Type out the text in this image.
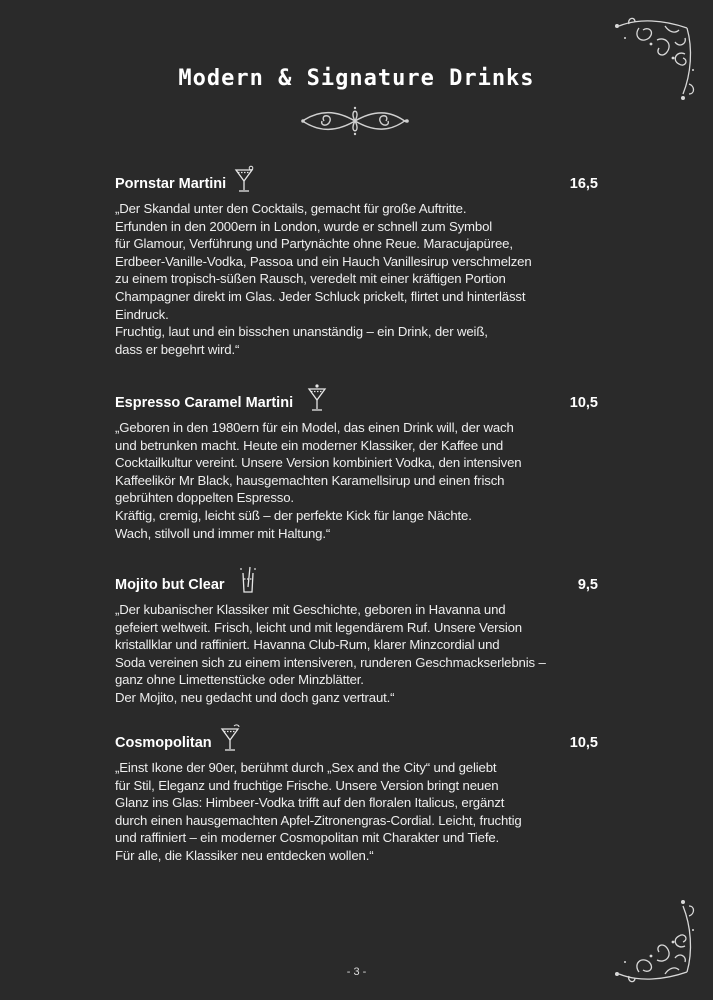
Modern & Signature Drinks
Pornstar Martini	16,5

„Der Skandal unter den Cocktails, gemacht für große Auftritte.
Erfunden in den 2000ern in London, wurde er schnell zum Symbol
für Glamour, Verführung und Partynächte ohne Reue. Maracujapüree,
Erdbeer-Vanille-Vodka, Passoa und ein Hauch Vanillesirup verschmelzen
zu einem tropisch-süßen Rausch, veredelt mit einer kräftigen Portion
Champagner direkt im Glas. Jeder Schluck prickelt, flirtet und hinterlässt
Eindruck.
Fruchtig, laut und ein bisschen unanständig – ein Drink, der weiß,
dass er begehrt wird.“

Espresso Caramel Martini	10,5

„Geboren in den 1980ern für ein Model, das einen Drink will, der wach
und betrunken macht. Heute ein moderner Klassiker, der Kaffee und
Cocktailkultur vereint. Unsere Version kombiniert Vodka, den intensiven
Kaffeelikör Mr Black, hausgemachten Karamellsirup und einen frisch
gebrühten doppelten Espresso.
Kräftig, cremig, leicht süß – der perfekte Kick für lange Nächte.
Wach, stilvoll und immer mit Haltung.“

Mojito but Clear	9,5

„Der kubanischer Klassiker mit Geschichte, geboren in Havanna und
gefeiert weltweit. Frisch, leicht und mit legendärem Ruf. Unsere Version
kristallklar und raffiniert. Havanna Club-Rum, klarer Minzcordial und
Soda vereinen sich zu einem intensiveren, runderen Geschmackserlebnis –
ganz ohne Limettenstücke oder Minzblätter.
Der Mojito, neu gedacht und doch ganz vertraut.“

Cosmopolitan	10,5

„Einst Ikone der 90er, berühmt durch „Sex and the City“ und geliebt
für Stil, Eleganz und fruchtige Frische. Unsere Version bringt neuen
Glanz ins Glas: Himbeer-Vodka trifft auf den floralen Italicus, ergänzt
durch einen hausgemachten Apfel-Zitronengras-Cordial. Leicht, fruchtig
und raffiniert – ein moderner Cosmopolitan mit Charakter und Tiefe.
Für alle, die Klassiker neu entdecken wollen.“

- 3 -
